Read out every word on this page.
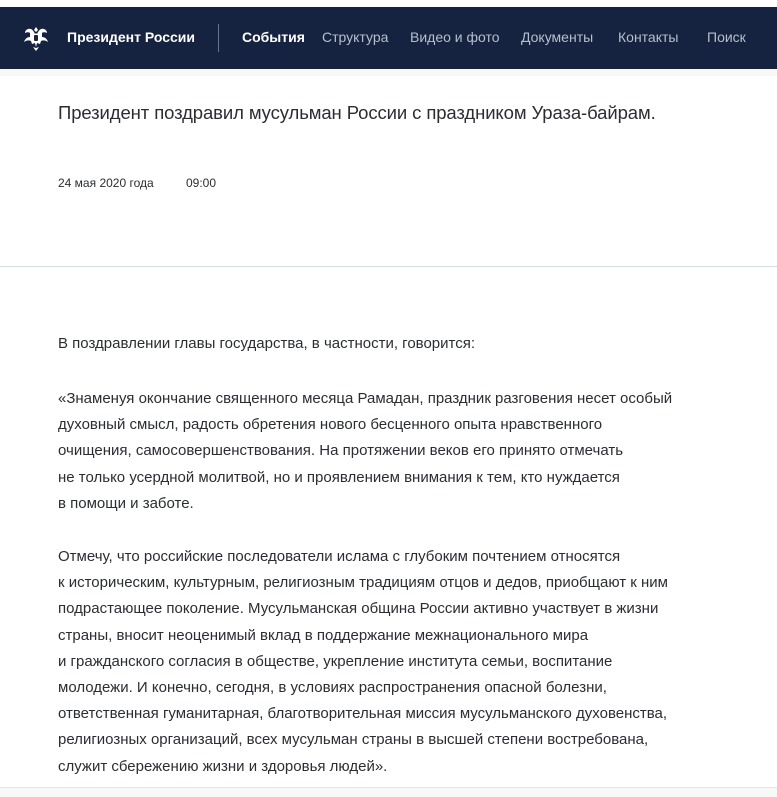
Президент России	События Структура Видео и фото Документы Контакты Поиск
Президент поздравил мусульман России с праздником Ураза-байрам.
24 мая 2020 года	09:00

В поздравлении главы государства, в частности, говорится:

«Знаменуя окончание священного месяца Рамадан, праздник разговения несет особый
духовный смысл, радость обретения нового бесценного опыта нравственного
очищения, самосовершенствования. На протяжении веков его принято отмечать
не только усердной молитвой, но и проявлением внимания к тем, кто нуждается
в помощи и заботе.

Отмечу, что российские последователи ислама с глубоким почтением относятся
к историческим, культурным, религиозным традициям отцов и дедов, приобщают к ним
подрастающее поколение. Мусульманская община России активно участвует в жизни
страны, вносит неоценимый вклад в поддержание межнационального мира
и гражданского согласия в обществе, укрепление института семьи, воспитание
молодежи. И конечно, сегодня, в условиях распространения опасной болезни,
ответственная гуманитарная, благотворительная миссия мусульманского духовенства,
религиозных организаций, всех мусульман страны в высшей степени востребована,
служит сбережению жизни и здоровья людей».
